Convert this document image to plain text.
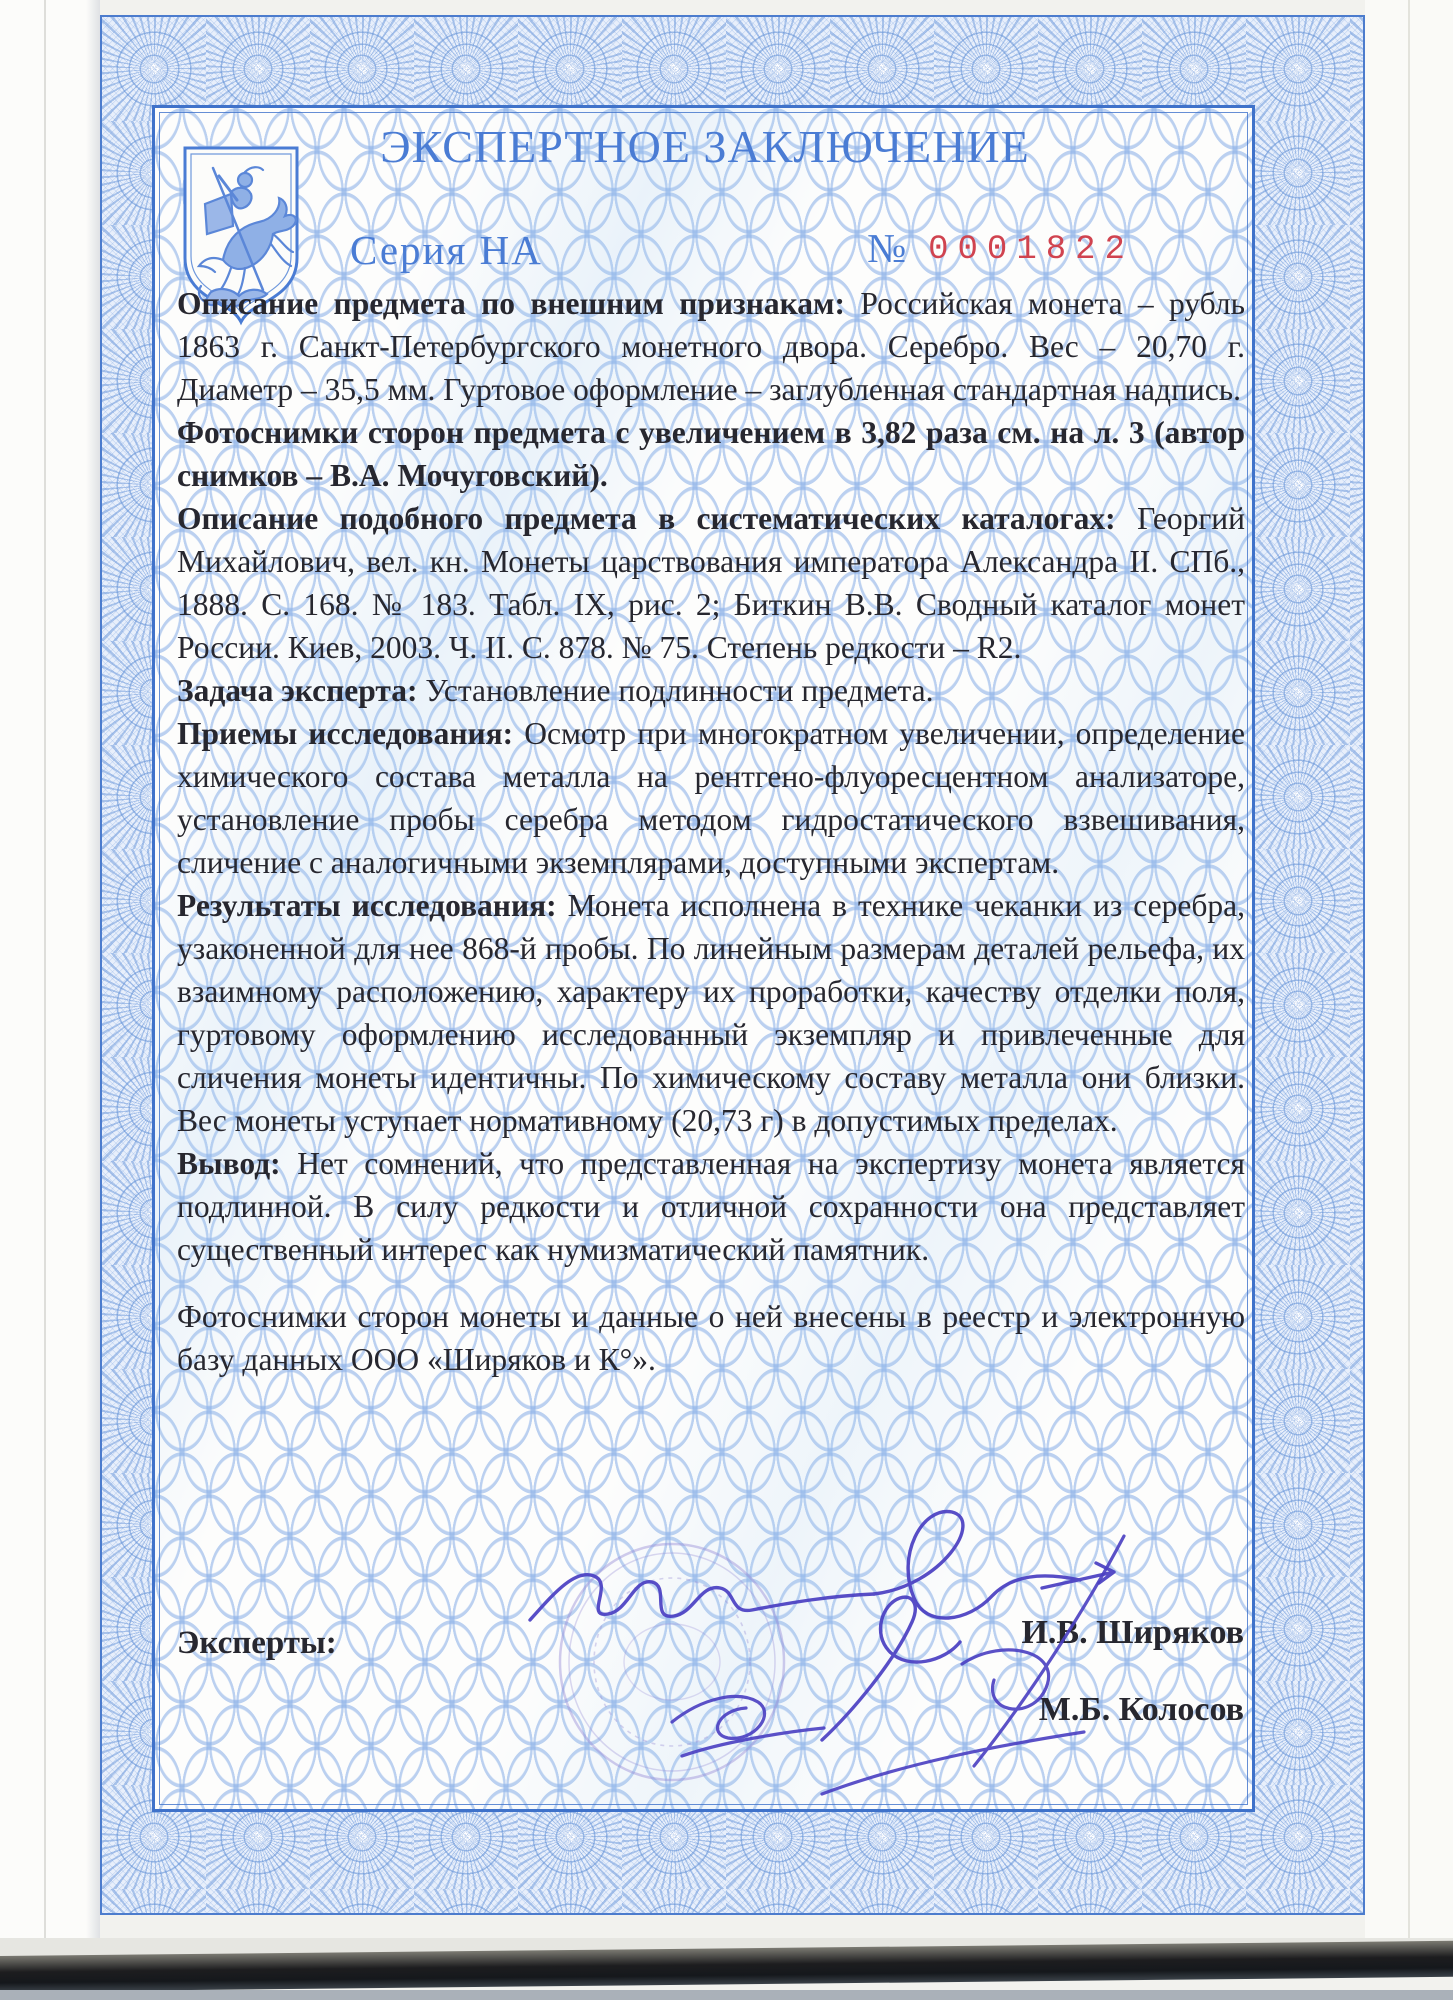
ЭКСПЕРТНОЕ ЗАКЛЮЧЕНИЕ
Серия НА	№ 0001822

Описание предмета по внешним признакам: Российская монета – рубль 1863 г. Санкт-Петербургского монетного двора. Серебро. Вес – 20,70 г. Диаметр – 35,5 мм. Гуртовое оформление – заглубленная стандартная надпись.

Фотоснимки сторон предмета с увеличением в 3,82 раза см. на л. 3 (автор снимков – В.А. Мочуговский).

Описание подобного предмета в систематических каталогах: Георгий Михайлович, вел. кн. Монеты царствования императора Александра II. СПб., 1888. С. 168. № 183. Табл. IX, рис. 2; Биткин В.В. Сводный каталог монет России. Киев, 2003. Ч. II. С. 878. № 75. Степень редкости – R2.

Задача эксперта: Установление подлинности предмета.

Приемы исследования: Осмотр при многократном увеличении, определение химического состава металла на рентгено-флуоресцентном анализаторе, установление пробы серебра методом гидростатического взвешивания, сличение с аналогичными экземплярами, доступными экспертам.

Результаты исследования: Монета исполнена в технике чеканки из серебра, узаконенной для нее 868-й пробы. По линейным размерам деталей рельефа, их взаимному расположению, характеру их проработки, качеству отделки поля, гуртовому оформлению исследованный экземпляр и привлеченные для сличения монеты идентичны. По химическому составу металла они близки. Вес монеты уступает нормативному (20,73 г) в допустимых пределах.

Вывод: Нет сомнений, что представленная на экспертизу монета является подлинной. В силу редкости и отличной сохранности она представляет существенный интерес как нумизматический памятник.

Фотоснимки сторон монеты и данные о ней внесены в реестр и электронную базу данных ООО «Ширяков и К°».

Эксперты:	И.В. Ширяков
М.Б. Колосов
